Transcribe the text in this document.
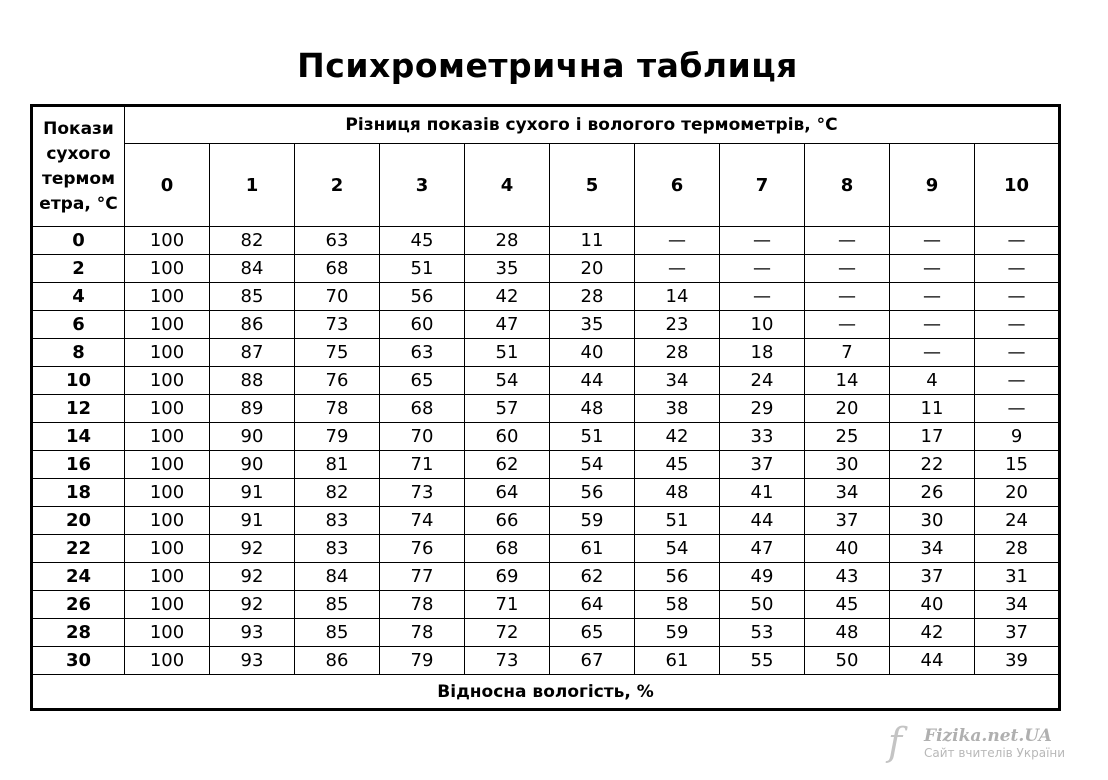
Психрометрична таблиця
Покази
сухого
термом
етра, °С	Різниця показів сухого і вологого термометрів, °С										
	0	1	2	3	4	5	6	7	8	9	10
0	100	82	63	45	28	11	—	—	—	—	—
2	100	84	68	51	35	20	—	—	—	—	—
4	100	85	70	56	42	28	14	—	—	—	—
6	100	86	73	60	47	35	23	10	—	—	—
8	100	87	75	63	51	40	28	18	7	—	—
10	100	88	76	65	54	44	34	24	14	4	—
12	100	89	78	68	57	48	38	29	20	11	—
14	100	90	79	70	60	51	42	33	25	17	9
16	100	90	81	71	62	54	45	37	30	22	15
18	100	91	82	73	64	56	48	41	34	26	20
20	100	91	83	74	66	59	51	44	37	30	24
22	100	92	83	76	68	61	54	47	40	34	28
24	100	92	84	77	69	62	56	49	43	37	31
26	100	92	85	78	71	64	58	50	45	40	34
28	100	93	85	78	72	65	59	53	48	42	37
30	100	93	86	79	73	67	61	55	50	44	39
Відносна вологість, %											
f Fizika.net.UA
Сайт вчителів України
